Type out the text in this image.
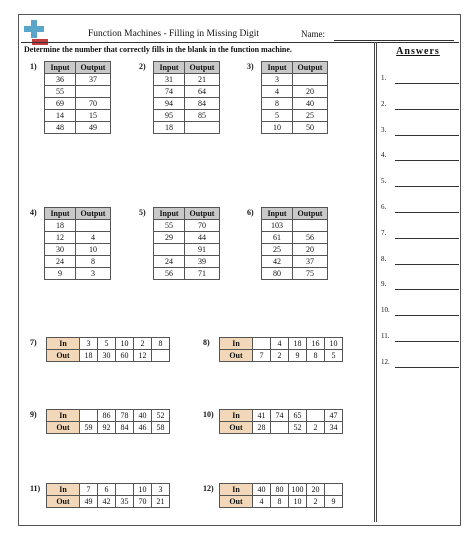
Function Machines - Filling in Missing Digit	Name:
Determine the number that correctly fills in the blank in the function machine.	Answers
1.
2.
3.
4.
5.
6.
7.
8.
9.
10.
11.
12.
1) Input	Output
36	37
55	
69	70
14	15
48	49
2) Input	Output
31	21
74	64
94	84
95	85
18	
3) Input	Output
3	
4	20
8	40
5	25
10	50
4) Input	Output
18	
12	4
30	10
24	8
9	3
5) Input	Output
55	70
29	44
	91
24	39
56	71
6) Input	Output
103	
61	56
25	20
42	37
80	75
7)	In	3	5	10	2	8
Out	18	30	60	12	
8)	In		4	18	16	10
Out	7	2	9	8	5
9)	In		86	78	40	52
Out	59	92	84	46	58
10) In	41	74	65		47
Out	28		52	2	34
11) In	7	6		10	3
Out	49	42	35	70	21
12) In	40	80	100	20	
Out	4	8	10	2	9
